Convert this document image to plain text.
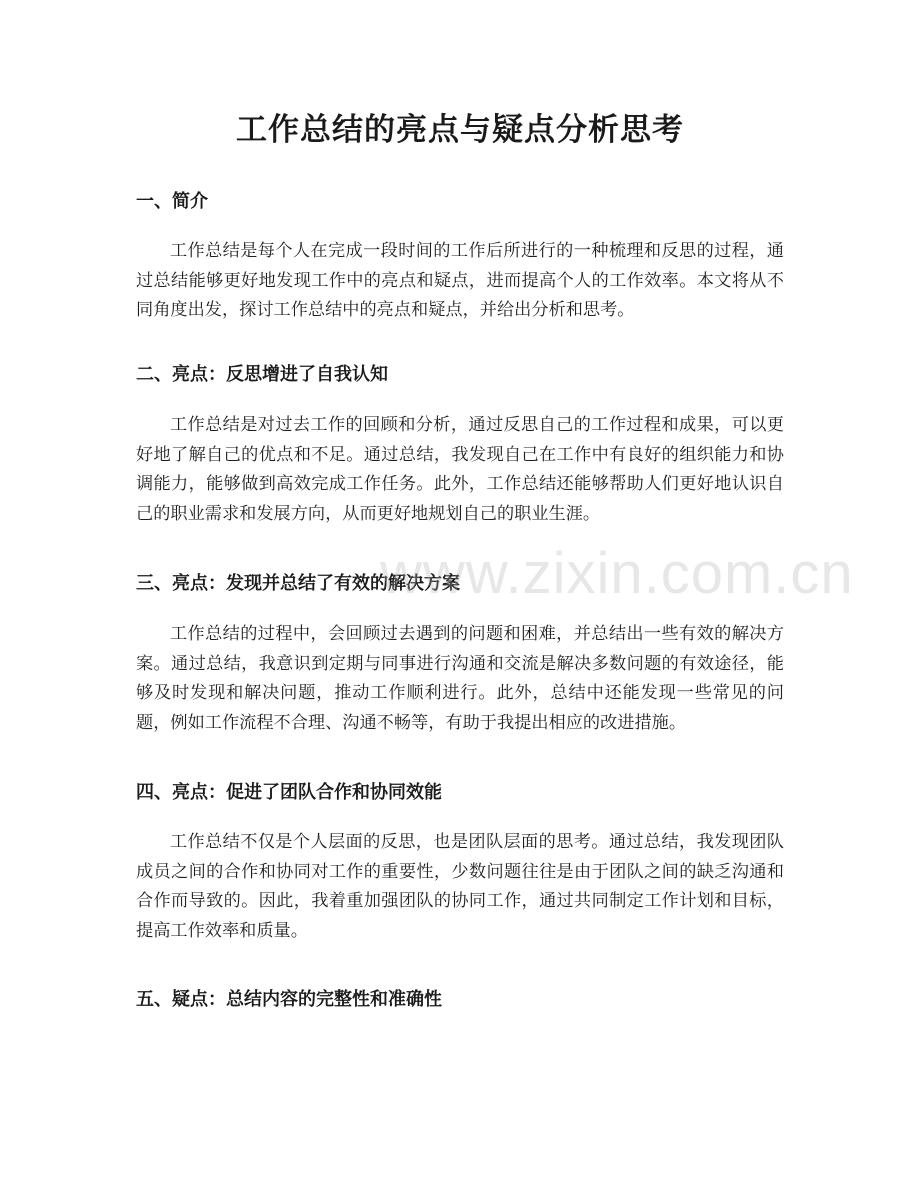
工作总结的亮点与疑点分析思考
一、简介

工作总结是每个人在完成一段时间的工作后所进行的一种梳理和反思的过程，通过总结能够更好地发现工作中的亮点和疑点，进而提高个人的工作效率。本文将从不同角度出发，探讨工作总结中的亮点和疑点，并给出分析和思考。

二、亮点：反思增进了自我认知

工作总结是对过去工作的回顾和分析，通过反思自己的工作过程和成果，可以更好地了解自己的优点和不足。通过总结，我发现自己在工作中有良好的组织能力和协调能力，能够做到高效完成工作任务。此外，工作总结还能够帮助人们更好地认识自己的职业需求和发展方向，从而更好地规划自己的职业生涯。

三、亮点：发现并总结了有效的解决方案

工作总结的过程中，会回顾过去遇到的问题和困难，并总结出一些有效的解决方案。通过总结，我意识到定期与同事进行沟通和交流是解决多数问题的有效途径，能够及时发现和解决问题，推动工作顺利进行。此外，总结中还能发现一些常见的问题，例如工作流程不合理、沟通不畅等，有助于我提出相应的改进措施。

四、亮点：促进了团队合作和协同效能

工作总结不仅是个人层面的反思，也是团队层面的思考。通过总结，我发现团队成员之间的合作和协同对工作的重要性，少数问题往往是由于团队之间的缺乏沟通和合作而导致的。因此，我着重加强团队的协同工作，通过共同制定工作计划和目标，提高工作效率和质量。

五、疑点：总结内容的完整性和准确性
www.zixin.com.cn
